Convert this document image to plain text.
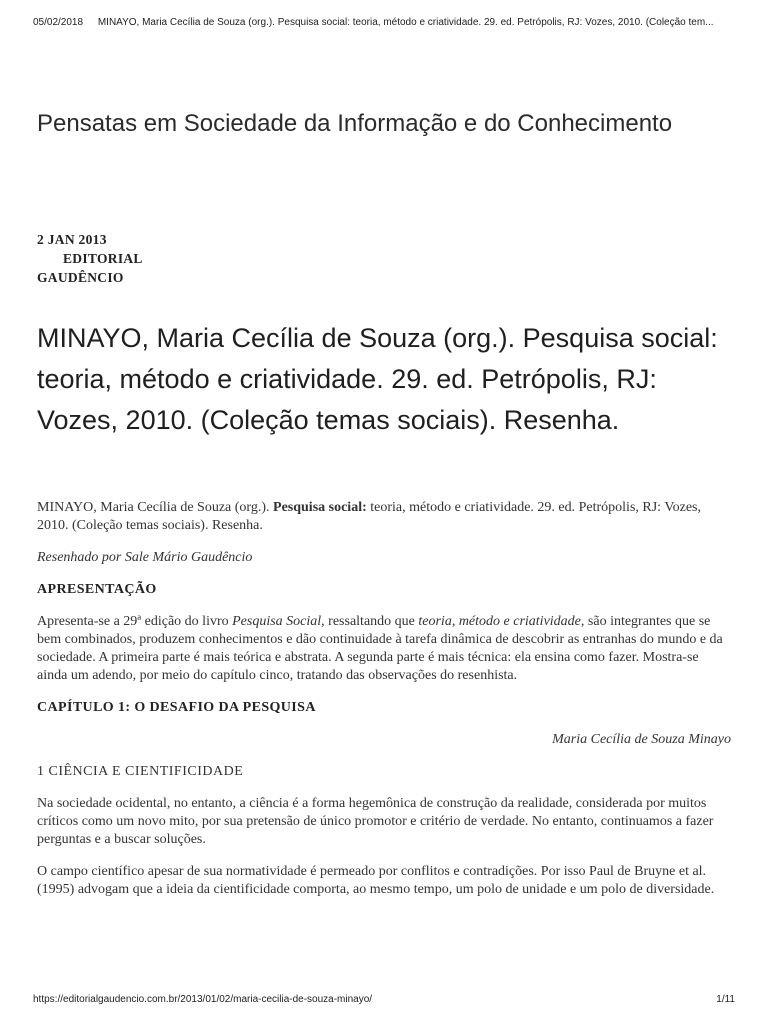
05/02/2018 MINAYO, Maria Cecília de Souza (org.). Pesquisa social: teoria, método e criatividade. 29. ed. Petrópolis, RJ: Vozes, 2010. (Coleção tem...
Pensatas em Sociedade da Informação e do Conhecimento
2 JAN 2013
EDITORIAL
GAUDÊNCIO
MINAYO, Maria Cecília de Souza (org.). Pesquisa social: teoria, método e criatividade. 29. ed. Petrópolis, RJ: Vozes, 2010. (Coleção temas sociais). Resenha.

MINAYO, Maria Cecília de Souza (org.). Pesquisa social: teoria, método e criatividade. 29. ed. Petrópolis, RJ: Vozes, 2010. (Coleção temas sociais). Resenha.

Resenhado por Sale Mário Gaudêncio

APRESENTAÇÃO

Apresenta-se a 29ª edição do livro Pesquisa Social, ressaltando que teoria, método e criatividade, são integrantes que se bem combinados, produzem conhecimentos e dão continuidade à tarefa dinâmica de descobrir as entranhas do mundo e da sociedade. A primeira parte é mais teórica e abstrata. A segunda parte é mais técnica: ela ensina como fazer. Mostra-se ainda um adendo, por meio do capítulo cinco, tratando das observações do resenhista.

CAPÍTULO 1: O DESAFIO DA PESQUISA

Maria Cecília de Souza Minayo

1 CIÊNCIA E CIENTIFICIDADE

Na sociedade ocidental, no entanto, a ciência é a forma hegemônica de construção da realidade, considerada por muitos críticos como um novo mito, por sua pretensão de único promotor e critério de verdade. No entanto, continuamos a fazer perguntas e a buscar soluções.

O campo científico apesar de sua normatividade é permeado por conflitos e contradições. Por isso Paul de Bruyne et al. (1995) advogam que a ideia da cientificidade comporta, ao mesmo tempo, um polo de unidade e um polo de diversidade.

https://editorialgaudencio.com.br/2013/01/02/maria-cecilia-de-souza-minayo/	1/11
